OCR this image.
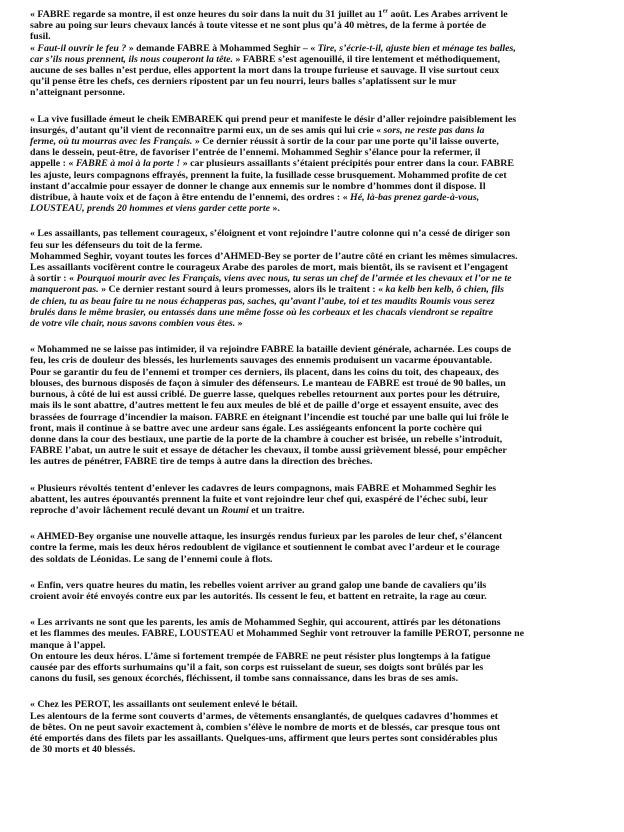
« FABRE regarde sa montre, il est onze heures du soir dans la nuit du 31 juillet au 1er août. Les Arabes arrivent le
sabre au poing sur leurs chevaux lancés à toute vitesse et ne sont plus qu’à 40 mètres, de la ferme à portée de
fusil.
« Faut-il ouvrir le feu ? » demande FABRE à Mohammed Seghir – « Tire, s’écrie-t-il, ajuste bien et ménage tes balles,
car s’ils nous prennent, ils nous couperont la tête. » FABRE s’est agenouillé, il tire lentement et méthodiquement,
aucune de ses balles n’est perdue, elles apportent la mort dans la troupe furieuse et sauvage. Il vise surtout ceux
qu’il pense être les chefs, ces derniers ripostent par un feu nourri, leurs balles s’aplatissent sur le mur
n’atteignant personne.
« La vive fusillade émeut le cheik EMBAREK qui prend peur et manifeste le désir d’aller rejoindre paisiblement les
insurgés, d’autant qu’il vient de reconnaître parmi eux, un de ses amis qui lui crie « sors, ne reste pas dans la
ferme, où tu mourras avec les Français. » Ce dernier réussit à sortir de la cour par une porte qu’il laisse ouverte,
dans le dessein, peut-être, de favoriser l’entrée de l’ennemi. Mohammed Seghir s’élance pour la refermer, il
appelle : « FABRE à moi à la porte ! » car plusieurs assaillants s’étaient précipités pour entrer dans la cour. FABRE
les ajuste, leurs compagnons effrayés, prennent la fuite, la fusillade cesse brusquement. Mohammed profite de cet
instant d’accalmie pour essayer de donner le change aux ennemis sur le nombre d’hommes dont il dispose. Il
distribue, à haute voix et de façon à être entendu de l’ennemi, des ordres : « Hé, là-bas prenez garde-à-vous,
LOUSTEAU, prends 20 hommes et viens garder cette porte ».
« Les assaillants, pas tellement courageux, s’éloignent et vont rejoindre l’autre colonne qui n’a cessé de diriger son
feu sur les défenseurs du toit de la ferme.
Mohammed Seghir, voyant toutes les forces d’AHMED-Bey se porter de l’autre côté en criant les mêmes simulacres.
Les assaillants vocifèrent contre le courageux Arabe des paroles de mort, mais bientôt, ils se ravisent et l’engagent
à sortir : « Pourquoi mourir avec les Français, viens avec nous, tu seras un chef de l’armée et les chevaux et l’or ne te
manqueront pas. » Ce dernier restant sourd à leurs promesses, alors ils le traitent : « ka kelb ben kelb, ô chien, fils
de chien, tu as beau faire tu ne nous échapperas pas, saches, qu’avant l’aube, toi et tes maudits Roumis vous serez
brulés dans le même brasier, ou entassés dans une même fosse où les corbeaux et les chacals viendront se repaître
de votre vile chair, nous savons combien vous êtes. »
« Mohammed ne se laisse pas intimider, il va rejoindre FABRE la bataille devient générale, acharnée. Les coups de
feu, les cris de douleur des blessés, les hurlements sauvages des ennemis produisent un vacarme épouvantable.
Pour se garantir du feu de l’ennemi et tromper ces derniers, ils placent, dans les coins du toit, des chapeaux, des
blouses, des burnous disposés de façon à simuler des défenseurs. Le manteau de FABRE est troué de 90 balles, un
burnous, à côté de lui est aussi criblé. De guerre lasse, quelques rebelles retournent aux portes pour les détruire,
mais ils le sont abattre, d’autres mettent le feu aux meules de blé et de paille d’orge et essayent ensuite, avec des
brassées de fourrage d’incendier la maison. FABRE en éteignant l’incendie est touché par une balle qui lui frôle le
front, mais il continue à se battre avec une ardeur sans égale. Les assiégeants enfoncent la porte cochère qui
donne dans la cour des bestiaux, une partie de la porte de la chambre à coucher est brisée, un rebelle s’introduit,
FABRE l’abat, un autre le suit et essaye de détacher les chevaux, il tombe aussi grièvement blessé, pour empêcher
les autres de pénétrer, FABRE tire de temps à autre dans la direction des brèches.
« Plusieurs révoltés tentent d’enlever les cadavres de leurs compagnons, mais FABRE et Mohammed Seghir les
abattent, les autres épouvantés prennent la fuite et vont rejoindre leur chef qui, exaspéré de l’échec subi, leur
reproche d’avoir lâchement reculé devant un Roumi et un traitre.
« AHMED-Bey organise une nouvelle attaque, les insurgés rendus furieux par les paroles de leur chef, s’élancent
contre la ferme, mais les deux héros redoublent de vigilance et soutiennent le combat avec l’ardeur et le courage
des soldats de Léonidas. Le sang de l’ennemi coule à flots.
« Enfin, vers quatre heures du matin, les rebelles voient arriver au grand galop une bande de cavaliers qu’ils
croient avoir été envoyés contre eux par les autorités. Ils cessent le feu, et battent en retraite, la rage au cœur.
« Les arrivants ne sont que les parents, les amis de Mohammed Seghir, qui accourent, attirés par les détonations
et les flammes des meules. FABRE, LOUSTEAU et Mohammed Seghir vont retrouver la famille PEROT, personne ne
manque à l’appel.
On entoure les deux héros. L’âme si fortement trempée de FABRE ne peut résister plus longtemps à la fatigue
causée par des efforts surhumains qu’il a fait, son corps est ruisselant de sueur, ses doigts sont brûlés par les
canons du fusil, ses genoux écorchés, fléchissent, il tombe sans connaissance, dans les bras de ses amis.
« Chez les PEROT, les assaillants ont seulement enlevé le bétail.
Les alentours de la ferme sont couverts d’armes, de vêtements ensanglantés, de quelques cadavres d’hommes et
de bêtes. On ne peut savoir exactement à, combien s’élève le nombre de morts et de blessés, car presque tous ont
été emportés dans des filets par les assaillants. Quelques-uns, affirment que leurs pertes sont considérables plus
de 30 morts et 40 blessés.
